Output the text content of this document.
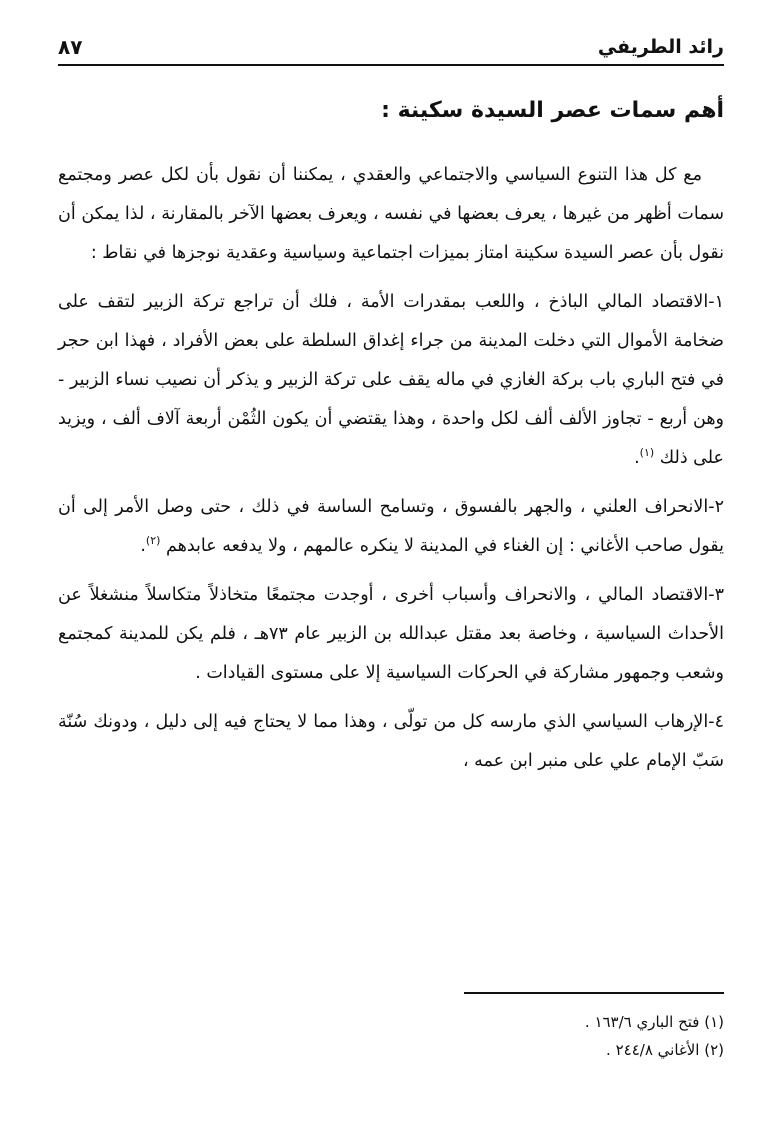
٨٧	رائد الطريفي
أهم سمات عصر السيدة سكينة :

مع كل هذا التنوع السياسي والاجتماعي والعقدي ، يمكننا أن نقول بأن لكل عصر ومجتمع سمات أظهر من غيرها ، يعرف بعضها في نفسه ، ويعرف بعضها الآخر بالمقارنة ، لذا يمكن أن نقول بأن عصر السيدة سكينة امتاز بميزات اجتماعية وسياسية وعقدية نوجزها في نقاط :

١-الاقتصاد المالي الباذخ ، واللعب بمقدرات الأمة ، فلك أن تراجع تركة الزبير لتقف على ضخامة الأموال التي دخلت المدينة من جراء إغداق السلطة على بعض الأفراد ، فهذا ابن حجر في فتح الباري باب بركة الغازي في ماله يقف على تركة الزبير و يذكر أن نصيب نساء الزبير - وهن أربع - تجاوز الألف ألف لكل واحدة ، وهذا يقتضي أن يكون الثُمْن أربعة آلاف ألف ، ويزيد على ذلك $^{(١)}$.

٢-الانحراف العلني ، والجهر بالفسوق ، وتسامح الساسة في ذلك ، حتى وصل الأمر إلى أن يقول صاحب الأغاني : إن الغناء في المدينة لا ينكره عالمهم ، ولا يدفعه عابدهم $^{(٢)}$.

٣-الاقتصاد المالي ، والانحراف وأسباب أخرى ، أوجدت مجتمعًا متخاذلاً متكاسلاً منشغلاً عن الأحداث السياسية ، وخاصة بعد مقتل عبدالله بن الزبير عام ٧٣هـ ، فلم يكن للمدينة كمجتمع وشعب وجمهور مشاركة في الحركات السياسية إلا على مستوى القيادات .

٤-الإرهاب السياسي الذي مارسه كل من تولّى ، وهذا مما لا يحتاج فيه إلى دليل ، ودونك سُنّة سَبّ الإمام علي على منبر ابن عمه ،

(١) فتح الباري ١٦٣/٦ .

(٢) الأغاني ٢٤٤/٨ .
